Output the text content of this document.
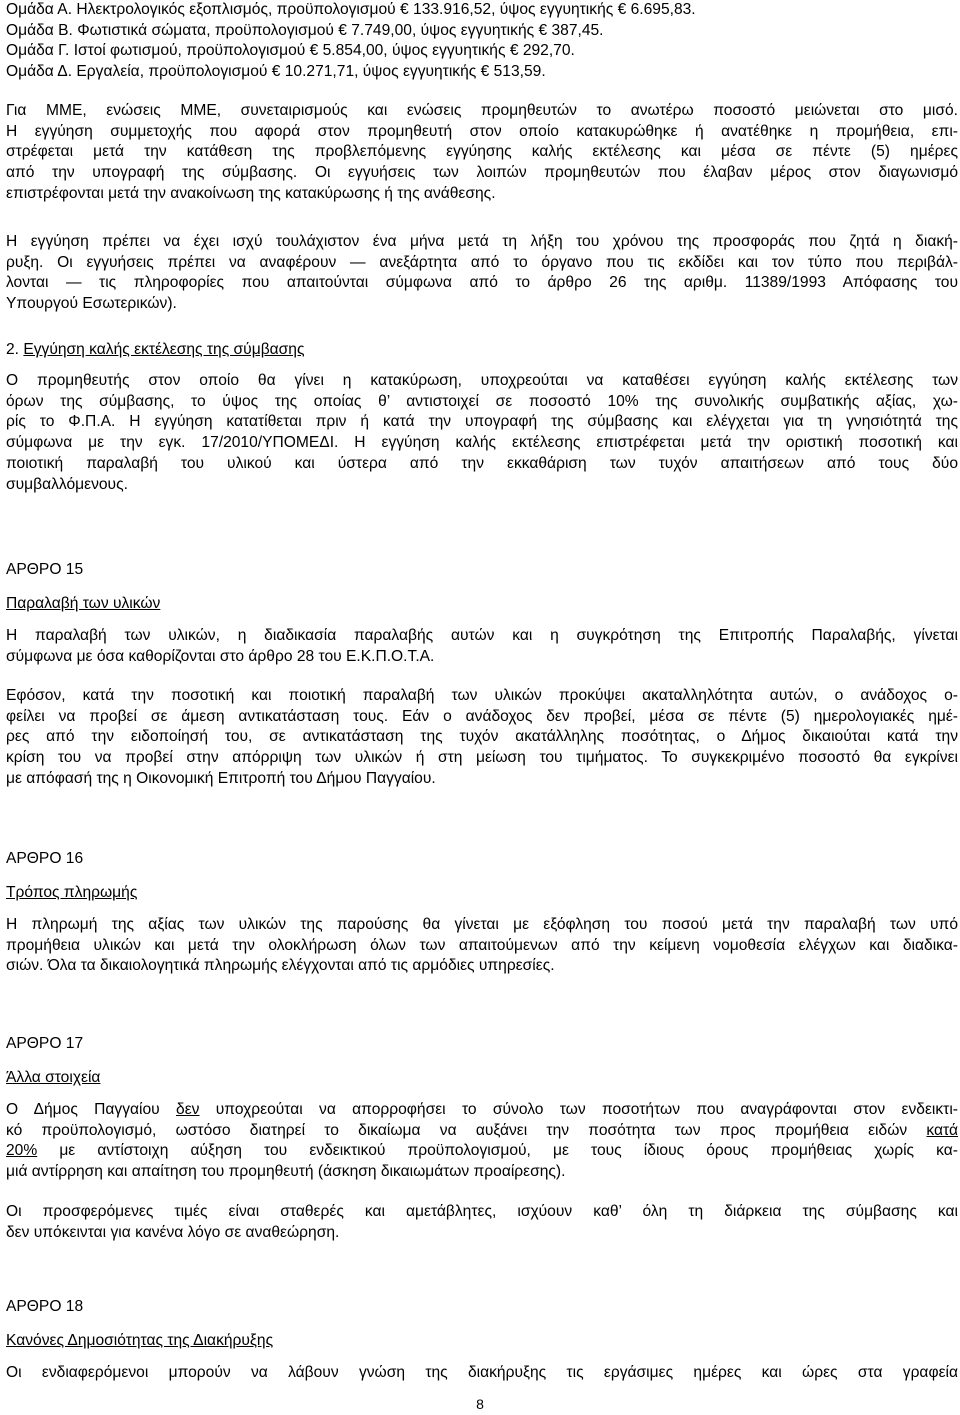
Ομάδα Α. Ηλεκτρολογικός εξοπλισμός, προϋπολογισμού € 133.916,52, ύψος εγγυητικής € 6.695,83.
Ομάδα Β. Φωτιστικά σώματα, προϋπολογισμού € 7.749,00, ύψος εγγυητικής € 387,45.
Ομάδα Γ. Ιστοί φωτισμού, προϋπολογισμού € 5.854,00, ύψος εγγυητικής € 292,70.
Ομάδα Δ. Εργαλεία, προϋπολογισμού € 10.271,71, ύψος εγγυητικής € 513,59.
Για ΜΜΕ, ενώσεις ΜΜΕ, συνεταιρισμούς και ενώσεις προμηθευτών το ανωτέρω ποσοστό μειώνεται στο μισό.
Η εγγύηση συμμετοχής που αφορά στον προμηθευτή στον οποίο κατακυρώθηκε ή ανατέθηκε η προμήθεια, επι-
στρέφεται μετά την κατάθεση της προβλεπόμενης εγγύησης καλής εκτέλεσης και μέσα σε πέντε (5) ημέρες
από την υπογραφή της σύμβασης. Οι εγγυήσεις των λοιπών προμηθευτών που έλαβαν μέρος στον διαγωνισμό
επιστρέφονται μετά την ανακοίνωση της κατακύρωσης ή της ανάθεσης.
Η εγγύηση πρέπει να έχει ισχύ τουλάχιστον ένα μήνα μετά τη λήξη του χρόνου της προσφοράς που ζητά η διακή-
ρυξη. Οι εγγυήσεις πρέπει να αναφέρουν — ανεξάρτητα από το όργανο που τις εκδίδει και τον τύπο που περιβάλ-
λονται — τις πληροφορίες που απαιτούνται σύμφωνα από το άρθρο 26 της αριθμ. 11389/1993 Απόφασης του
Υπουργού Εσωτερικών).

2. Εγγύηση καλής εκτέλεσης της σύμβασης

Ο προμηθευτής στον οποίο θα γίνει η κατακύρωση, υποχρεούται να καταθέσει εγγύηση καλής εκτέλεσης των
όρων της σύμβασης, το ύψος της οποίας θ’ αντιστοιχεί σε ποσοστό 10% της συνολικής συμβατικής αξίας, χω-
ρίς το Φ.Π.Α. Η εγγύηση κατατίθεται πριν ή κατά την υπογραφή της σύμβασης και ελέγχεται για τη γνησιότητά της
σύμφωνα με την εγκ. 17/2010/ΥΠΟΜΕΔΙ. Η εγγύηση καλής εκτέλεσης επιστρέφεται μετά την οριστική ποσοτική και
ποιοτική παραλαβή του υλικού και ύστερα από την εκκαθάριση των τυχόν απαιτήσεων από τους δύο
συμβαλλόμενους.

ΑΡΘΡΟ 15

Παραλαβή των υλικών

Η παραλαβή των υλικών, η διαδικασία παραλαβής αυτών και η συγκρότηση της Επιτροπής Παραλαβής, γίνεται
σύμφωνα με όσα καθορίζονται στο άρθρο 28 του Ε.Κ.Π.Ο.Τ.Α.
Εφόσον, κατά την ποσοτική και ποιοτική παραλαβή των υλικών προκύψει ακαταλληλότητα αυτών, ο ανάδοχος ο-
φείλει να προβεί σε άμεση αντικατάσταση τους. Εάν ο ανάδοχος δεν προβεί, μέσα σε πέντε (5) ημερολογιακές ημέ-
ρες από την ειδοποίησή του, σε αντικατάσταση της τυχόν ακατάλληλης ποσότητας, ο Δήμος δικαιούται κατά την
κρίση του να προβεί στην απόρριψη των υλικών ή στη μείωση του τιμήματος. Το συγκεκριμένο ποσοστό θα εγκρίνει
με απόφασή της η Οικονομική Επιτροπή του Δήμου Παγγαίου.

ΑΡΘΡΟ 16

Τρόπος πληρωμής

Η πληρωμή της αξίας των υλικών της παρούσης θα γίνεται με εξόφληση του ποσού μετά την παραλαβή των υπό
προμήθεια υλικών και μετά την ολοκλήρωση όλων των απαιτούμενων από την κείμενη νομοθεσία ελέγχων και διαδικα-
σιών. Όλα τα δικαιολογητικά πληρωμής ελέγχονται από τις αρμόδιες υπηρεσίες.

ΑΡΘΡΟ 17

Άλλα στοιχεία

Ο Δήμος Παγγαίου δεν υποχρεούται να απορροφήσει το σύνολο των ποσοτήτων που αναγράφονται στον ενδεικτι-
κό προϋπολογισμό, ωστόσο διατηρεί το δικαίωμα να αυξάνει την ποσότητα των προς προμήθεια ειδών κατά
20% με αντίστοιχη αύξηση του ενδεικτικού προϋπολογισμού, με τους ίδιους όρους προμήθειας χωρίς κα-
μιά αντίρρηση και απαίτηση του προμηθευτή (άσκηση δικαιωμάτων προαίρεσης).
Οι προσφερόμενες τιμές είναι σταθερές και αμετάβλητες, ισχύουν καθ’ όλη τη διάρκεια της σύμβασης και
δεν υπόκεινται για κανένα λόγο σε αναθεώρηση.

ΑΡΘΡΟ 18

Κανόνες Δημοσιότητας της Διακήρυξης

Οι ενδιαφερόμενοι μπορούν να λάβουν γνώση της διακήρυξης τις εργάσιμες ημέρες και ώρες στα γραφεία
8
